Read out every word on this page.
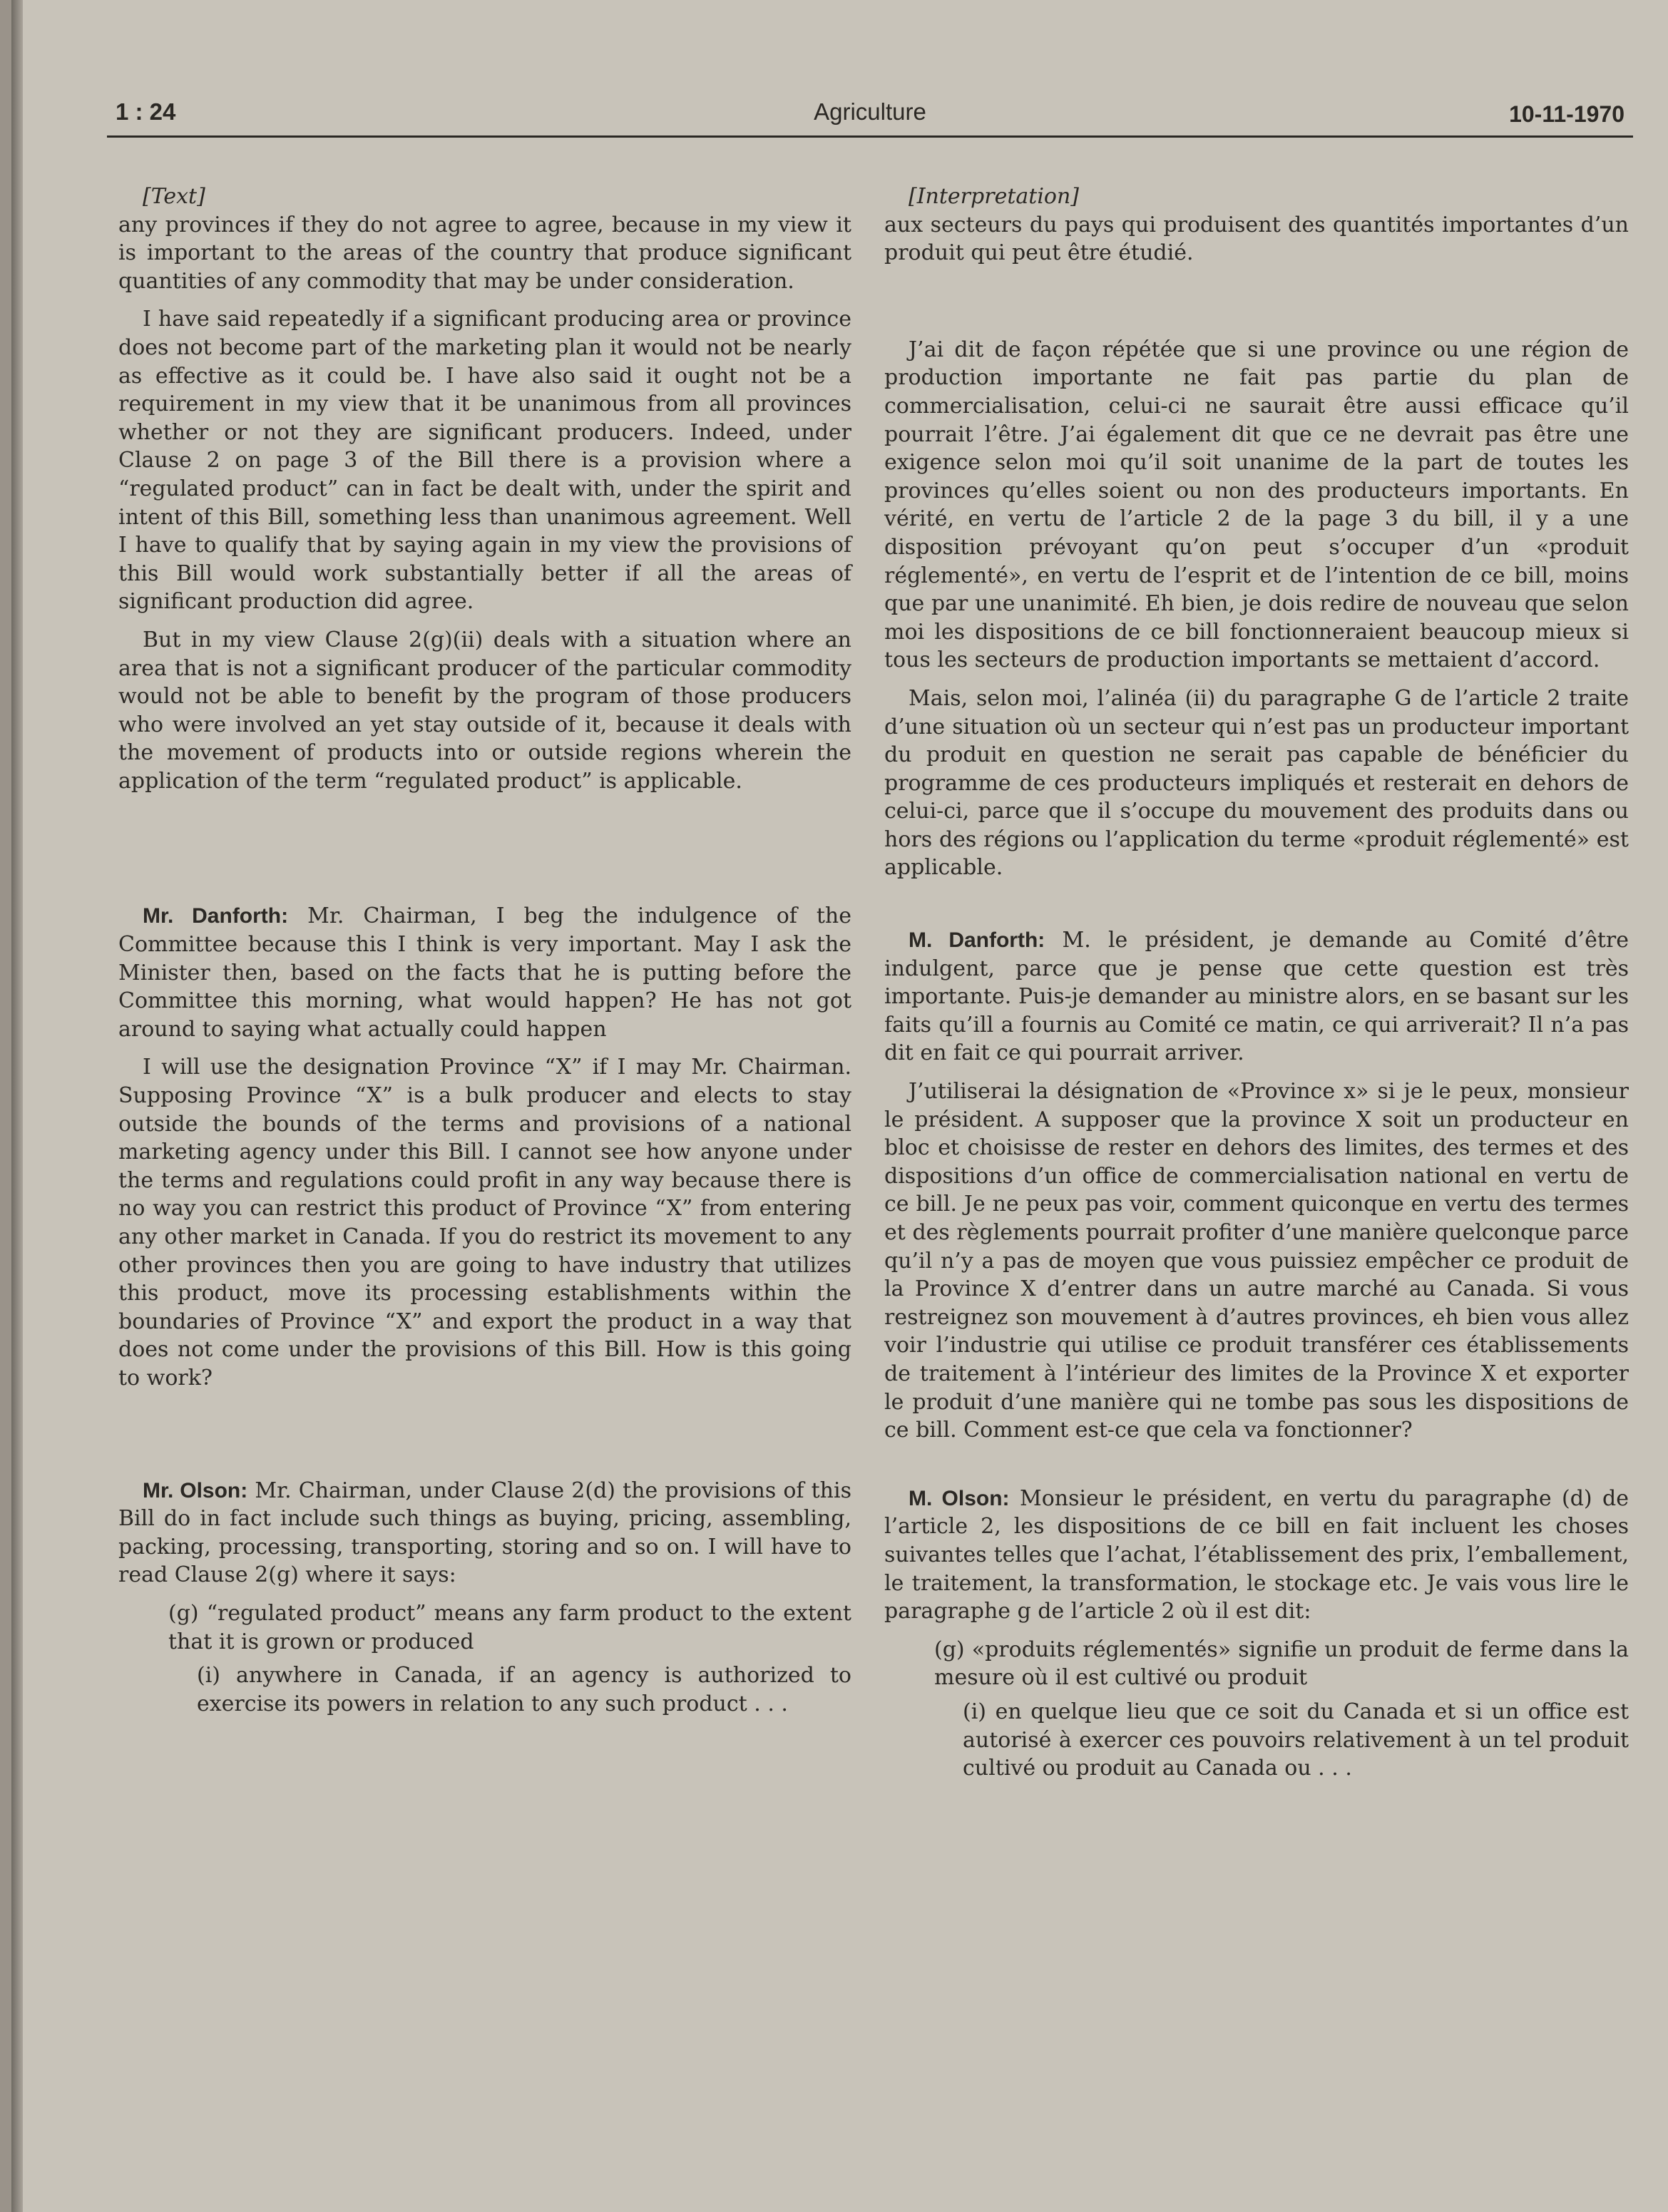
1 : 24	Agriculture	10-11-1970

[Text]

any provinces if they do not agree to agree, because in my view it is important to the areas of the country that produce significant quantities of any commodity that may be under consideration.

I have said repeatedly if a significant producing area or province does not become part of the marketing plan it would not be nearly as effective as it could be. I have also said it ought not be a requirement in my view that it be unanimous from all provinces whether or not they are significant producers. Indeed, under Clause 2 on page 3 of the Bill there is a provision where a “regulated product” can in fact be dealt with, under the spirit and intent of this Bill, something less than unanimous agreement. Well I have to qualify that by saying again in my view the provisions of this Bill would work substantially better if all the areas of significant production did agree.

But in my view Clause 2(g)(ii) deals with a situation where an area that is not a significant producer of the particular commodity would not be able to benefit by the program of those producers who were involved an yet stay outside of it, because it deals with the movement of products into or outside regions wherein the application of the term “regulated product” is applicable.

Mr. Danforth: Mr. Chairman, I beg the indulgence of the Committee because this I think is very important. May I ask the Minister then, based on the facts that he is putting before the Committee this morning, what would happen? He has not got around to saying what actually could happen

I will use the designation Province “X” if I may Mr. Chairman. Supposing Province “X” is a bulk producer and elects to stay outside the bounds of the terms and provisions of a national marketing agency under this Bill. I cannot see how anyone under the terms and regulations could profit in any way because there is no way you can restrict this product of Province “X” from entering any other market in Canada. If you do restrict its movement to any other provinces then you are going to have industry that utilizes this product, move its processing establishments within the boundaries of Province “X” and export the product in a way that does not come under the provisions of this Bill. How is this going to work?

Mr. Olson: Mr. Chairman, under Clause 2(d) the provisions of this Bill do in fact include such things as buying, pricing, assembling, packing, processing, transporting, storing and so on. I will have to read Clause 2(g) where it says:

(g) “regulated product” means any farm product to the extent that it is grown or produced

(i) anywhere in Canada, if an agency is authorized to exercise its powers in relation to any such product . . .

[Interpretation]

aux secteurs du pays qui produisent des quantités importantes d’un produit qui peut être étudié.

J’ai dit de façon répétée que si une province ou une région de production importante ne fait pas partie du plan de commercialisation, celui-ci ne saurait être aussi efficace qu’il pourrait l’être. J’ai également dit que ce ne devrait pas être une exigence selon moi qu’il soit unanime de la part de toutes les provinces qu’elles soient ou non des producteurs importants. En vérité, en vertu de l’article 2 de la page 3 du bill, il y a une disposition prévoyant qu’on peut s’occuper d’un «produit réglementé», en vertu de l’esprit et de l’intention de ce bill, moins que par une unanimité. Eh bien, je dois redire de nouveau que selon moi les dispositions de ce bill fonctionneraient beaucoup mieux si tous les secteurs de production importants se mettaient d’accord.

Mais, selon moi, l’alinéa (ii) du paragraphe G de l’article 2 traite d’une situation où un secteur qui n’est pas un producteur important du produit en question ne serait pas capable de bénéficier du programme de ces producteurs impliqués et resterait en dehors de celui-ci, parce que il s’occupe du mouvement des produits dans ou hors des régions ou l’application du terme «produit réglementé» est applicable.

M. Danforth: M. le président, je demande au Comité d’être indulgent, parce que je pense que cette question est très importante. Puis-je demander au ministre alors, en se basant sur les faits qu’ill a fournis au Comité ce matin, ce qui arriverait? Il n’a pas dit en fait ce qui pourrait arriver.

J’utiliserai la désignation de «Province x» si je le peux, monsieur le président. A supposer que la province X soit un producteur en bloc et choisisse de rester en dehors des limites, des termes et des dispositions d’un office de commercialisation national en vertu de ce bill. Je ne peux pas voir, comment quiconque en vertu des termes et des règlements pourrait profiter d’une manière quelconque parce qu’il n’y a pas de moyen que vous puissiez empêcher ce produit de la Province X d’entrer dans un autre marché au Canada. Si vous restreignez son mouvement à d’autres provinces, eh bien vous allez voir l’industrie qui utilise ce produit transférer ces établissements de traitement à l’intérieur des limites de la Province X et exporter le produit d’une manière qui ne tombe pas sous les dispositions de ce bill. Comment est-ce que cela va fonctionner?

M. Olson: Monsieur le président, en vertu du paragraphe (d) de l’article 2, les dispositions de ce bill en fait incluent les choses suivantes telles que l’achat, l’établissement des prix, l’emballement, le traitement, la transformation, le stockage etc. Je vais vous lire le paragraphe g de l’article 2 où il est dit:

(g) «produits réglementés» signifie un produit de ferme dans la mesure où il est cultivé ou produit

(i) en quelque lieu que ce soit du Canada et si un office est autorisé à exercer ces pouvoirs relativement à un tel produit cultivé ou produit au Canada ou . . .
